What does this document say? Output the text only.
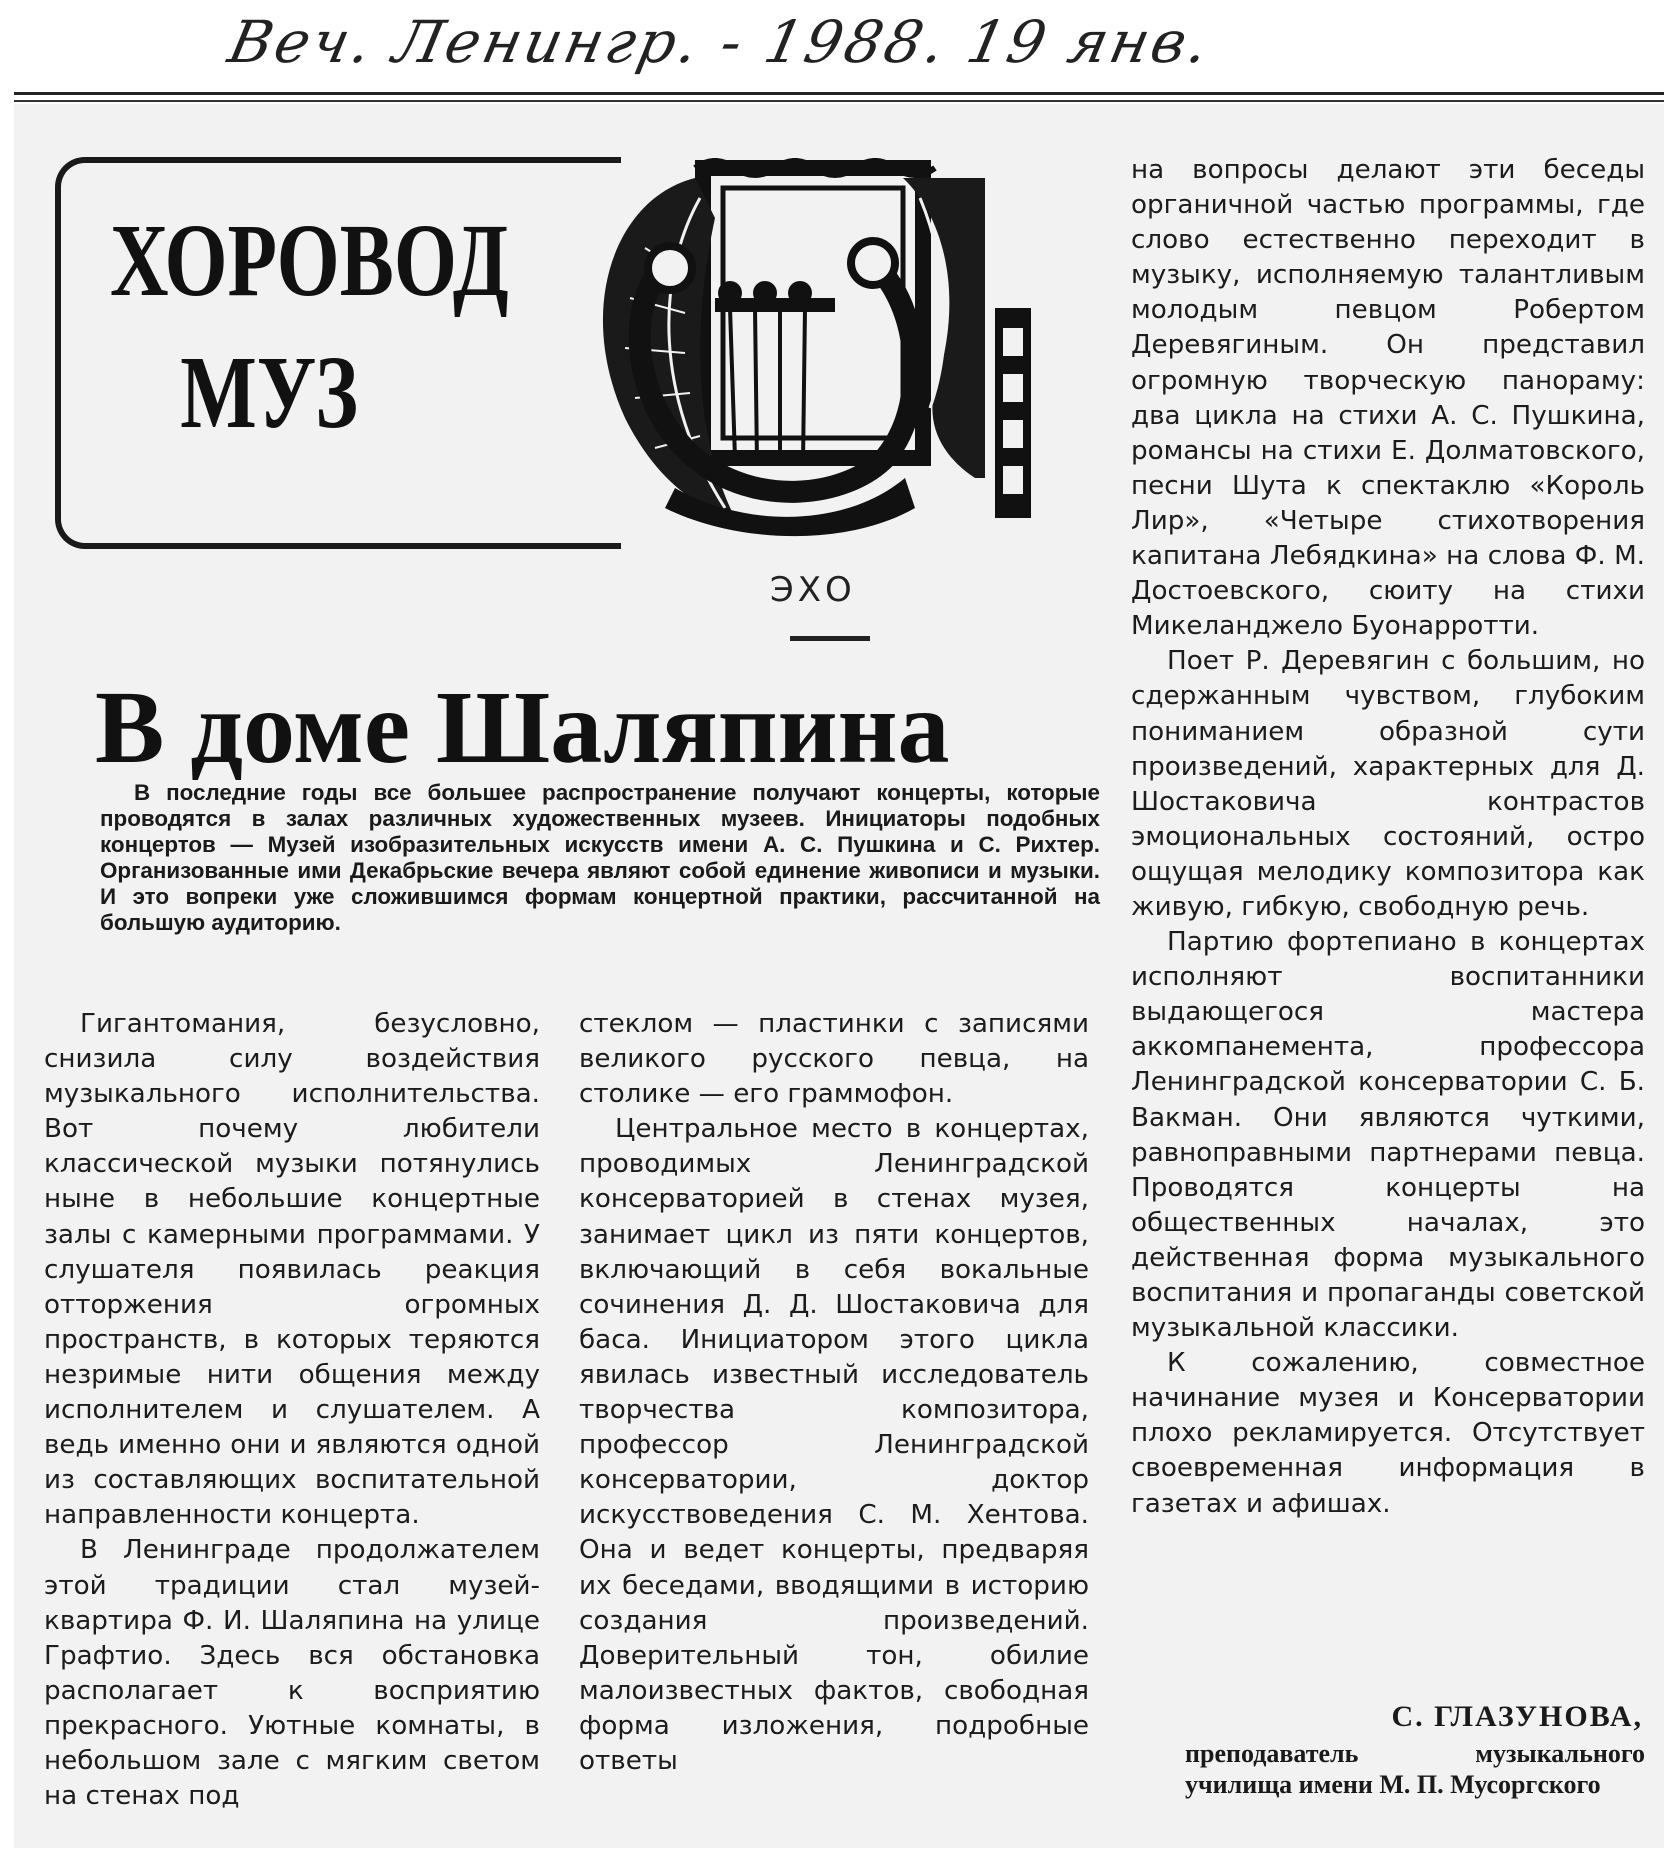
Веч. Ленингр. - 1988. 19 янв.
ХОРОВОД
МУЗ
ЭХО
В доме Шаляпина

В последние годы все большее распространение получают концерты, которые проводятся в залах различных художественных музеев. Инициаторы подобных концертов — Музей изобразительных искусств имени А. С. Пушкина и С. Рихтер. Организованные ими Декабрьские вечера являют собой единение живописи и музыки. И это вопреки уже сложившимся формам концертной практики, рассчитанной на большую аудиторию.

Гигантомания, безусловно, снизила силу воздействия музыкального исполнительства. Вот почему любители классической музыки потянулись ныне в небольшие концертные залы с камерными программами. У слушателя появилась реакция отторжения огромных пространств, в которых теряются незримые нити общения между исполнителем и слушателем. А ведь именно они и являются одной из составляющих воспитательной направленности концерта.

В Ленинграде продолжателем этой традиции стал музей-квартира Ф. И. Шаляпина на улице Графтио. Здесь вся обстановка располагает к восприятию прекрасного. Уютные комнаты, в небольшом зале с мягким светом на стенах под

стеклом — пластинки с записями великого русского певца, на столике — его граммофон.

Центральное место в концертах, проводимых Ленинградской консерваторией в стенах музея, занимает цикл из пяти концертов, включающий в себя вокальные сочинения Д. Д. Шостаковича для баса. Инициатором этого цикла явилась известный исследователь творчества композитора, профессор Ленинградской консерватории, доктор искусствоведения С. М. Хентова. Она и ведет концерты, предваряя их беседами, вводящими в историю создания произведений. Доверительный тон, обилие малоизвестных фактов, свободная форма изложения, подробные ответы

на вопросы делают эти беседы органичной частью программы, где слово естественно переходит в музыку, исполняемую талантливым молодым певцом Робертом Деревягиным. Он представил огромную творческую панораму: два цикла на стихи А. С. Пушкина, романсы на стихи Е. Долматовского, песни Шута к спектаклю «Король Лир», «Четыре стихотворения капитана Лебядкина» на слова Ф. М. Достоевского, сюиту на стихи Микеланджело Буонарротти.

Поет Р. Деревягин с большим, но сдержанным чувством, глубоким пониманием образной сути произведений, характерных для Д. Шостаковича контрастов эмоциональных состояний, остро ощущая мелодику композитора как живую, гибкую, свободную речь.

Партию фортепиано в концертах исполняют воспитанники выдающегося мастера аккомпанемента, профессора Ленинградской консерватории С. Б. Вакман. Они являются чуткими, равноправными партнерами певца. Проводятся концерты на общественных началах, это действенная форма музыкального воспитания и пропаганды советской музыкальной классики.

К сожалению, совместное начинание музея и Консерватории плохо рекламируется. Отсутствует своевременная информация в газетах и афишах.

С. ГЛАЗУНОВА,
преподаватель музыкального училища имени М. П. Мусоргского
